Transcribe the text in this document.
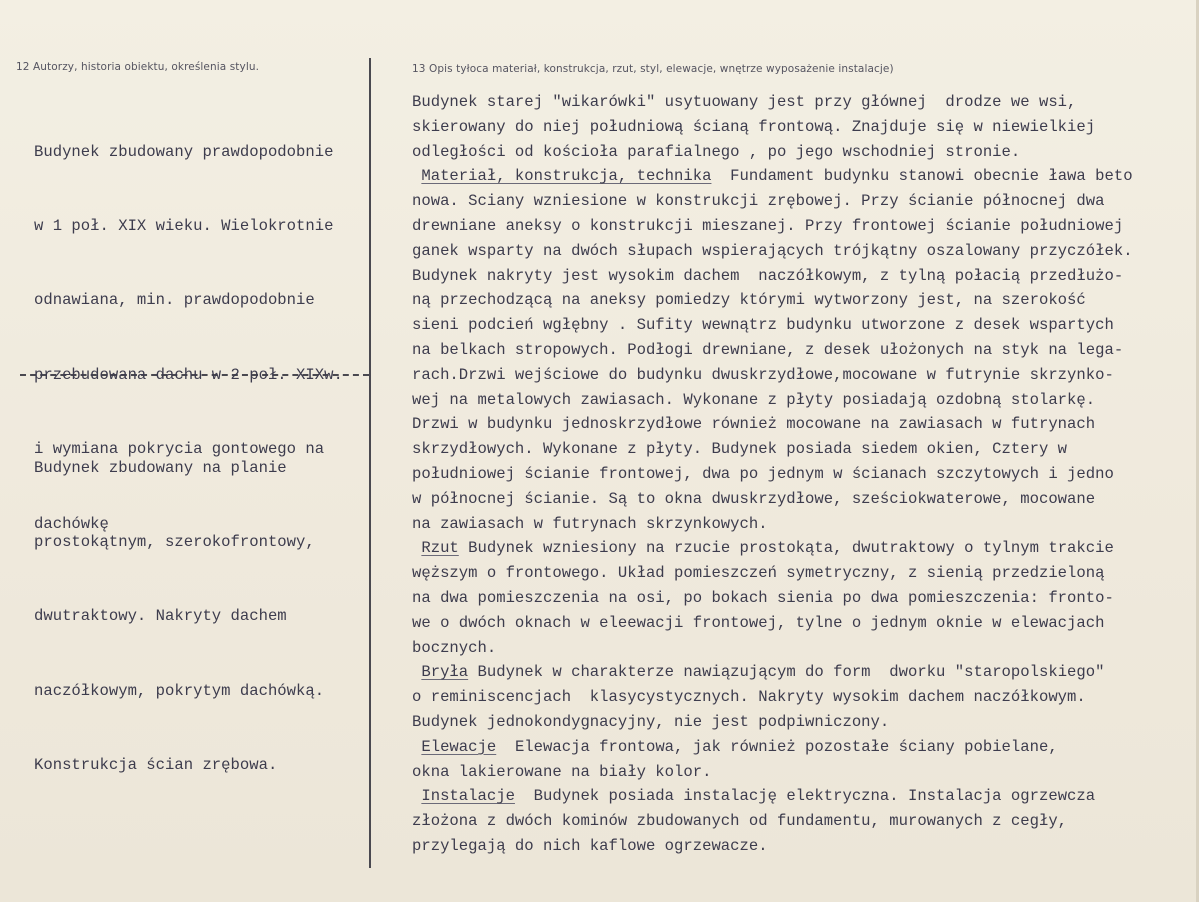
12 Autorzy, historia obiektu, określenia stylu.	13 Opis tyłoca materiał, konstrukcja, rzut, styl, elewacje, wnętrze wyposażenie instalacje)

Budynek zbudowany prawdopodobnie

w 1 poł. XIX wieku. Wielokrotnie

odnawiana, min. prawdopodobnie

przebudowana dachu w 2 poł. XIXw.

i wymiana pokrycia gontowego na

dachówkę

Budynek zbudowany na planie

prostokątnym, szerokofrontowy,

dwutraktowy. Nakryty dachem

naczółkowym, pokrytym dachówką.

Konstrukcja ścian zrębowa.

Budynek starej "wikarówki" usytuowany jest przy głównej  drodze we wsi,
skierowany do niej południową ścianą frontową. Znajduje się w niewielkiej
odległości od kościoła parafialnego , po jego wschodniej stronie.
Materiał, konstrukcja, technika  Fundament budynku stanowi obecnie ława beto
nowa. Sciany wzniesione w konstrukcji zrębowej. Przy ścianie północnej dwa
drewniane aneksy o konstrukcji mieszanej. Przy frontowej ścianie południowej
ganek wsparty na dwóch słupach wspierających trójkątny oszalowany przyczółek.
Budynek nakryty jest wysokim dachem  naczółkowym, z tylną połacią przedłużo-
ną przechodzącą na aneksy pomiedzy którymi wytworzony jest, na szerokość
sieni podcień wgłębny . Sufity wewnątrz budynku utworzone z desek wspartych
na belkach stropowych. Podłogi drewniane, z desek ułożonych na styk na lega-
rach.Drzwi wejściowe do budynku dwuskrzydłowe,mocowane w futrynie skrzynko-
wej na metalowych zawiasach. Wykonane z płyty posiadają ozdobną stolarkę.
Drzwi w budynku jednoskrzydłowe również mocowane na zawiasach w futrynach
skrzydłowych. Wykonane z płyty. Budynek posiada siedem okien, Cztery w
południowej ścianie frontowej, dwa po jednym w ścianach szczytowych i jedno
w północnej ścianie. Są to okna dwuskrzydłowe, sześciokwaterowe, mocowane
na zawiasach w futrynach skrzynkowych.
Rzut Budynek wzniesiony na rzucie prostokąta, dwutraktowy o tylnym trakcie
węższym o frontowego. Układ pomieszczeń symetryczny, z sienią przedzieloną
na dwa pomieszczenia na osi, po bokach sienia po dwa pomieszczenia: fronto-
we o dwóch oknach w eleewacji frontowej, tylne o jednym oknie w elewacjach
bocznych.
Bryła Budynek w charakterze nawiązującym do form  dworku "staropolskiego"
o reminiscencjach  klasycystycznych. Nakryty wysokim dachem naczółkowym.
Budynek jednokondygnacyjny, nie jest podpiwniczony.
Elewacje  Elewacja frontowa, jak również pozostałe ściany pobielane,
okna lakierowane na biały kolor.
Instalacje  Budynek posiada instalację elektryczna. Instalacja ogrzewcza
złożona z dwóch kominów zbudowanych od fundamentu, murowanych z cegły,
przylegają do nich kaflowe ogrzewacze.
